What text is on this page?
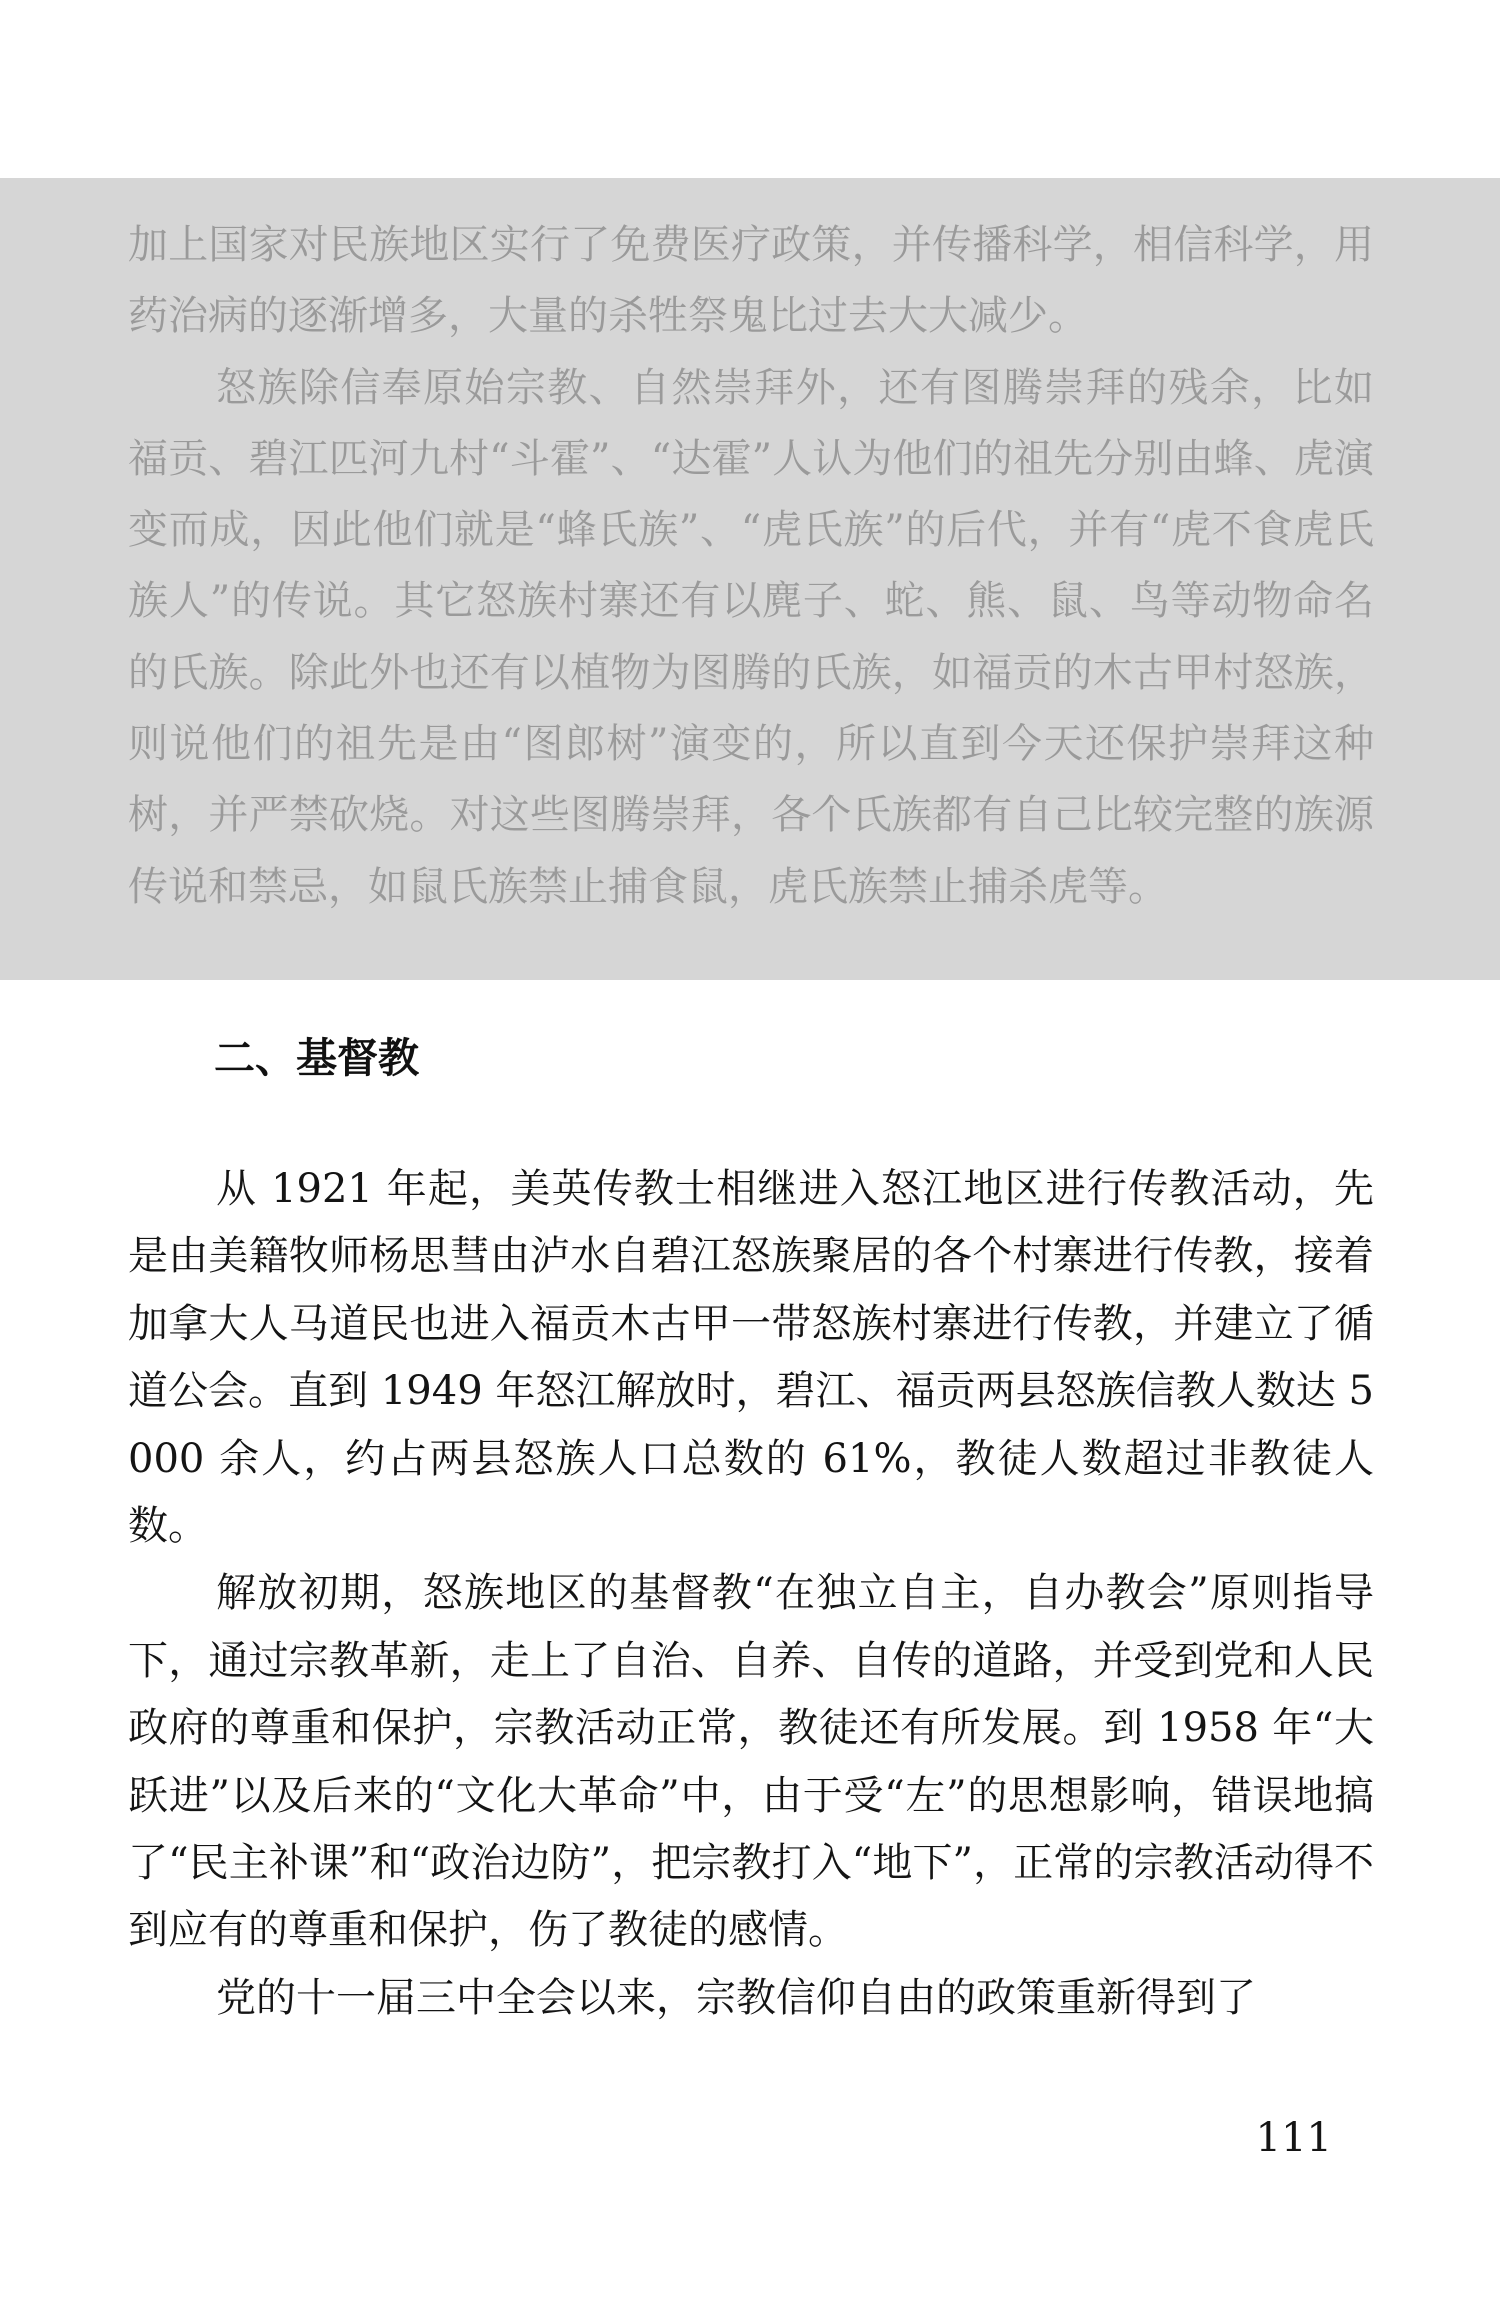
加上国家对民族地区实行了免费医疗政策，并传播科学，相信科学，用药治病的逐渐增多，大量的杀牲祭鬼比过去大大减少。

怒族除信奉原始宗教、自然崇拜外，还有图腾崇拜的残余，比如福贡、碧江匹河九村“斗霍”、“达霍”人认为他们的祖先分别由蜂、虎演变而成，因此他们就是“蜂氏族”、“虎氏族”的后代，并有“虎不食虎氏族人”的传说。其它怒族村寨还有以麂子、蛇、熊、鼠、鸟等动物命名的氏族。除此外也还有以植物为图腾的氏族，如福贡的木古甲村怒族，则说他们的祖先是由“图郎树”演变的，所以直到今天还保护崇拜这种树，并严禁砍烧。对这些图腾崇拜，各个氏族都有自己比较完整的族源传说和禁忌，如鼠氏族禁止捕食鼠，虎氏族禁止捕杀虎等。

二、基督教

从 1921 年起，美英传教士相继进入怒江地区进行传教活动，先是由美籍牧师杨思彗由泸水自碧江怒族聚居的各个村寨进行传教，接着加拿大人马道民也进入福贡木古甲一带怒族村寨进行传教，并建立了循道公会。直到 1949 年怒江解放时，碧江、福贡两县怒族信教人数达 5 000 余人，约占两县怒族人口总数的 61%，教徒人数超过非教徒人数。

解放初期，怒族地区的基督教“在独立自主，自办教会”原则指导下，通过宗教革新，走上了自治、自养、自传的道路，并受到党和人民政府的尊重和保护，宗教活动正常，教徒还有所发展。到 1958 年“大跃进”以及后来的“文化大革命”中，由于受“左”的思想影响，错误地搞了“民主补课”和“政治边防”，把宗教打入“地下”，正常的宗教活动得不到应有的尊重和保护，伤了教徒的感情。

党的十一届三中全会以来，宗教信仰自由的政策重新得到了

111
